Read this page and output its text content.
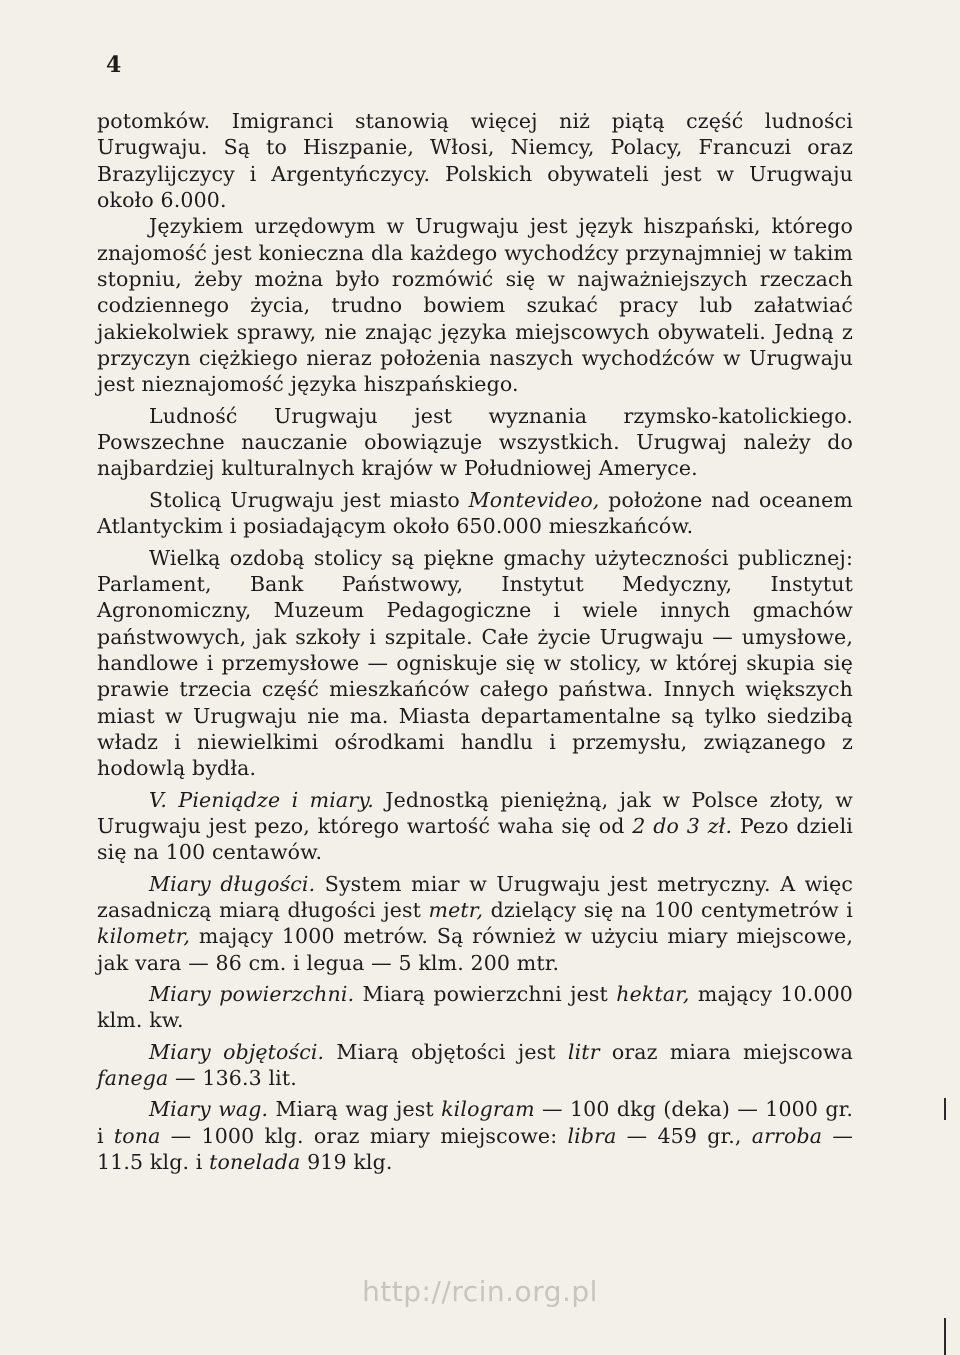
4

potomków. Imigranci stanowią więcej niż piątą część ludności Urugwaju. Są to Hiszpanie, Włosi, Niemcy, Polacy, Francuzi oraz Brazylijczycy i Argentyńczycy. Polskich obywateli jest w Urugwaju około 6.000.

Językiem urzędowym w Urugwaju jest język hiszpański, którego znajomość jest konieczna dla każdego wychodźcy przynajmniej w takim stopniu, żeby można było rozmówić się w najważniejszych rzeczach codziennego życia, trudno bowiem szukać pracy lub załatwiać jakiekolwiek sprawy, nie znając języka miejscowych obywateli. Jedną z przyczyn ciężkiego nieraz położenia naszych wychodźców w Urugwaju jest nieznajomość języka hiszpańskiego.

Ludność Urugwaju jest wyznania rzymsko-katolickiego. Powszechne nauczanie obowiązuje wszystkich. Urugwaj należy do najbardziej kulturalnych krajów w Południowej Ameryce.

Stolicą Urugwaju jest miasto Montevideo, położone nad oceanem Atlantyckim i posiadającym około 650.000 mieszkańców.

Wielką ozdobą stolicy są piękne gmachy użyteczności publicznej: Parlament, Bank Państwowy, Instytut Medyczny, Instytut Agronomiczny, Muzeum Pedagogiczne i wiele innych gmachów państwowych, jak szkoły i szpitale. Całe życie Urugwaju — umysłowe, handlowe i przemysłowe — ogniskuje się w stolicy, w której skupia się prawie trzecia część mieszkańców całego państwa. Innych większych miast w Urugwaju nie ma. Miasta departamentalne są tylko siedzibą władz i niewielkimi ośrodkami handlu i przemysłu, związanego z hodowlą bydła.

V. Pieniądze i miary. Jednostką pieniężną, jak w Polsce złoty, w Urugwaju jest pezo, którego wartość waha się od 2 do 3 zł. Pezo dzieli się na 100 centawów.

Miary długości. System miar w Urugwaju jest metryczny. A więc zasadniczą miarą długości jest metr, dzielący się na 100 centymetrów i kilometr, mający 1000 metrów. Są również w użyciu miary miejscowe, jak vara — 86 cm. i legua — 5 klm. 200 mtr.

Miary powierzchni. Miarą powierzchni jest hektar, mający 10.000 klm. kw.

Miary objętości. Miarą objętości jest litr oraz miara miejscowa fanega — 136.3 lit.

Miary wag. Miarą wag jest kilogram — 100 dkg (deka) — 1000 gr. i tona — 1000 klg. oraz miary miejscowe: libra — 459 gr., arroba — 11.5 klg. i tonelada 919 klg.

http://rcin.org.pl
